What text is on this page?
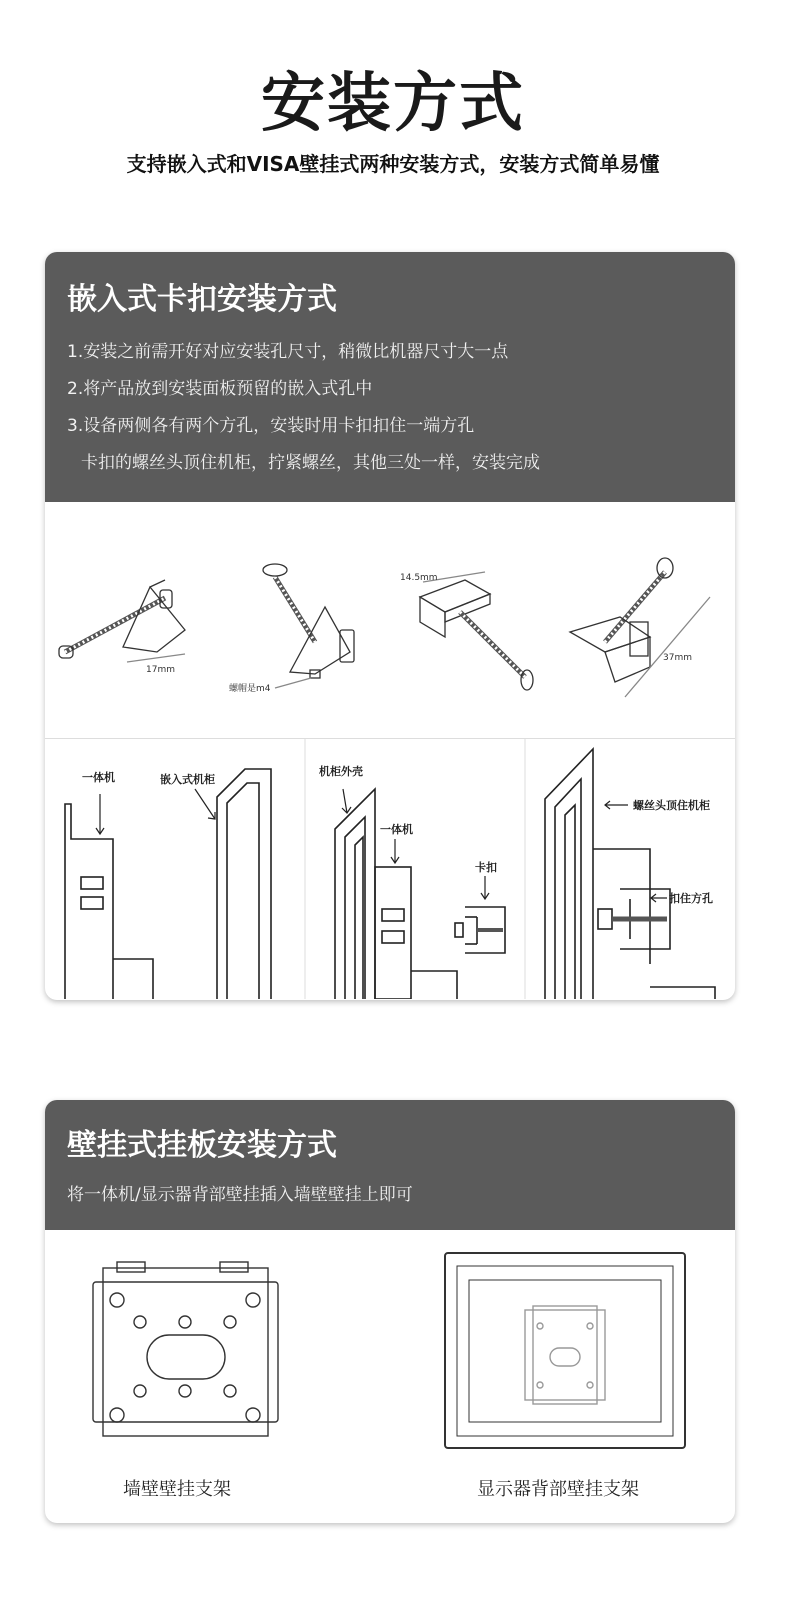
安装方式
支持嵌入式和VISA壁挂式两种安装方式，安装方式简单易懂
嵌入式卡扣安装方式
1.安装之前需开好对应安装孔尺寸，稍微比机器尺寸大一点
2.将产品放到安装面板预留的嵌入式孔中
3.设备两侧各有两个方孔，安装时用卡扣扣住一端方孔
卡扣的螺丝头顶住机柜，拧紧螺丝，其他三处一样，安装完成
17mm
螺帽是m4
14.5mm
37mm
一体机	嵌入式机柜
机柜外壳
一体机
卡扣
螺丝头顶住机柜
扣住方孔
壁挂式挂板安装方式
将一体机/显示器背部壁挂插入墙壁壁挂上即可
墙壁壁挂支架	显示器背部壁挂支架
